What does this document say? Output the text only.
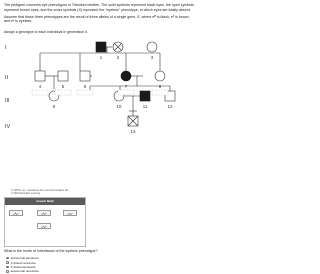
The pedigree concerns eye phenotypes in Tribolium beetles. The solid symbols represent black eyes, the open symbols represent brown eyes, and the cross symbols (X) represent the "eyeless" phenotype, in which eyes are totally absent.

Assume that these three phenotypes are the result of three alleles of a single gene, E, where eᴮ is black, eᵇ is brown, and eᵉ is eyeless.

Assign a genotype to each individual in generation II.
I
II
III
IV
1	2	3
4	5	6	7	8
9	10	11	12
13
© APHIS, etc.; reproduced from Genetics Analysis 11e
© 2020 Macmillan Learning
Answer Bank
eᴮeᵉ	eᴮeᵇ	eᵇeᵉ
eᵇeᵇ
What is the mode of inheritance of the eyeless phenotype?
autosomal dominant
X-linked recessive
X-linked dominant
autosomal recessive
